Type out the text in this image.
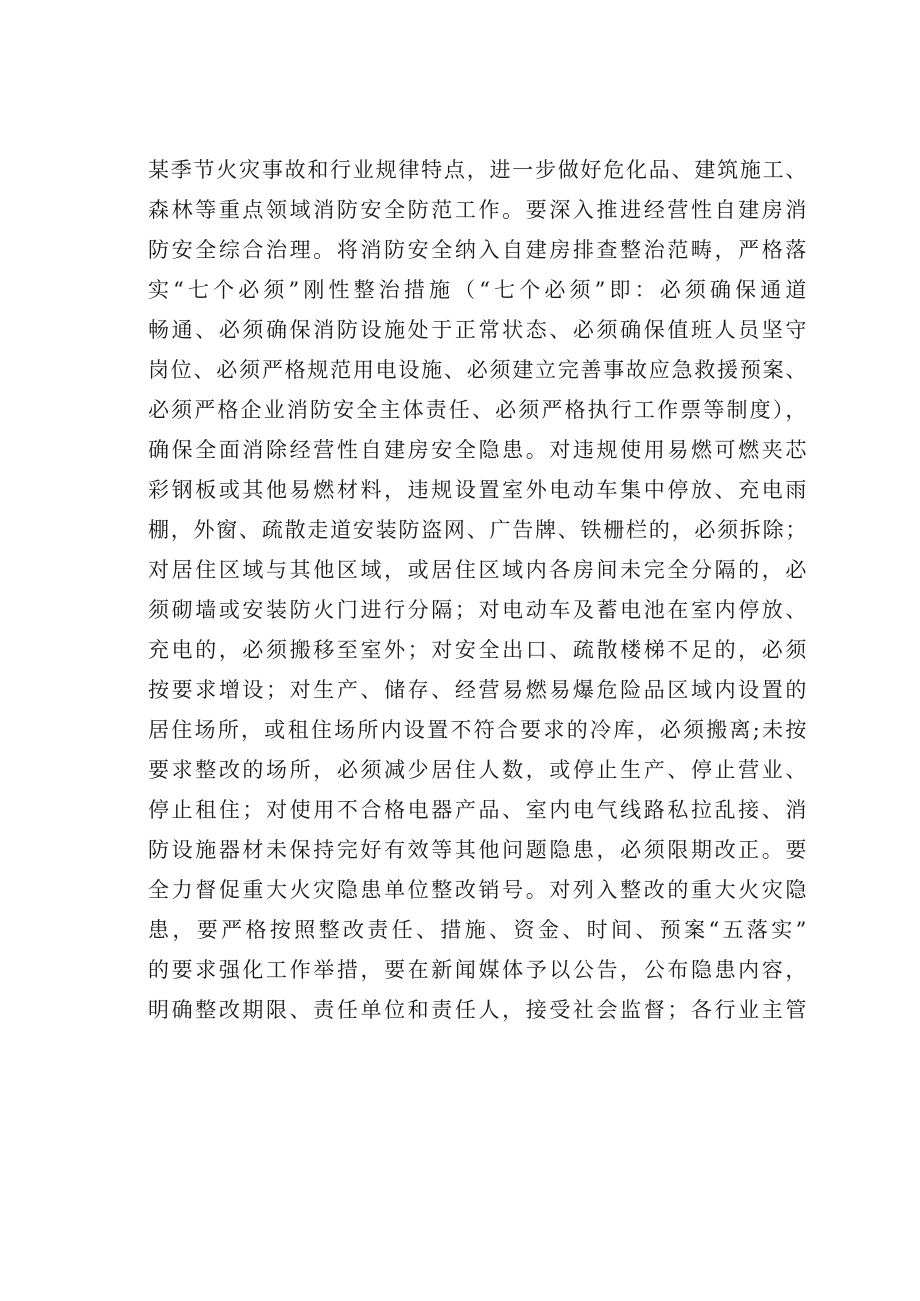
某季节火灾事故和行业规律特点，进一步做好危化品、建筑施工、
森林等重点领域消防安全防范工作。要深入推进经营性自建房消
防安全综合治理。将消防安全纳入自建房排查整治范畴，严格落
实“七个必须”刚性整治措施（“七个必须”即：必须确保通道
畅通、必须确保消防设施处于正常状态、必须确保值班人员坚守
岗位、必须严格规范用电设施、必须建立完善事故应急救援预案、
必须严格企业消防安全主体责任、必须严格执行工作票等制度），
确保全面消除经营性自建房安全隐患。对违规使用易燃可燃夹芯
彩钢板或其他易燃材料，违规设置室外电动车集中停放、充电雨
棚，外窗、疏散走道安装防盗网、广告牌、铁栅栏的，必须拆除；
对居住区域与其他区域，或居住区域内各房间未完全分隔的，必
须砌墙或安装防火门进行分隔；对电动车及蓄电池在室内停放、
充电的，必须搬移至室外；对安全出口、疏散楼梯不足的，必须
按要求增设；对生产、储存、经营易燃易爆危险品区域内设置的
居住场所，或租住场所内设置不符合要求的冷库，必须搬离;未按
要求整改的场所，必须减少居住人数，或停止生产、停止营业、
停止租住；对使用不合格电器产品、室内电气线路私拉乱接、消
防设施器材未保持完好有效等其他问题隐患，必须限期改正。要
全力督促重大火灾隐患单位整改销号。对列入整改的重大火灾隐
患，要严格按照整改责任、措施、资金、时间、预案“五落实”
的要求强化工作举措，要在新闻媒体予以公告，公布隐患内容，
明确整改期限、责任单位和责任人，接受社会监督；各行业主管
